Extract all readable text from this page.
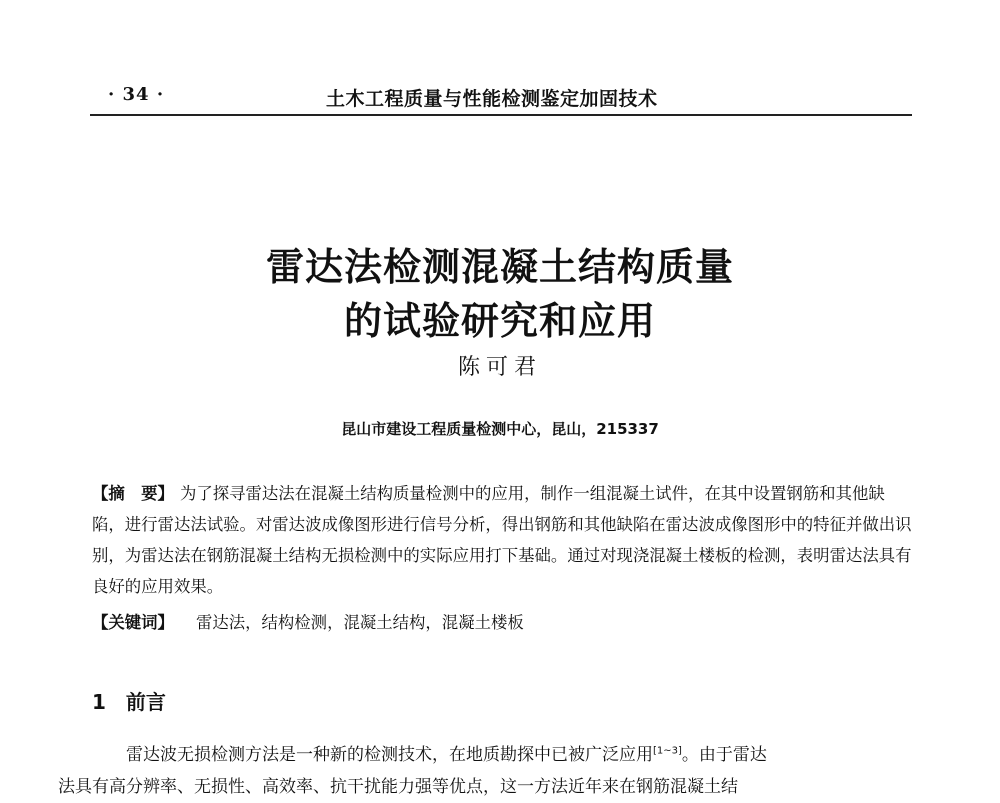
· 34 ·	土木工程质量与性能检测鉴定加固技术
雷达法检测混凝土结构质量
的试验研究和应用
陈可君
昆山市建设工程质量检测中心，昆山，215337
【摘　要】 为了探寻雷达法在混凝土结构质量检测中的应用，制作一组混凝土试件，在其中设置钢筋和其他缺陷，进行雷达法试验。对雷达波成像图形进行信号分析，得出钢筋和其他缺陷在雷达波成像图形中的特征并做出识别，为雷达法在钢筋混凝土结构无损检测中的实际应用打下基础。通过对现浇混凝土楼板的检测，表明雷达法具有良好的应用效果。
【关键词】 雷达法，结构检测，混凝土结构，混凝土楼板
1 前言
雷达波无损检测方法是一种新的检测技术，在地质勘探中已被广泛应用[1~3]。由于雷达
法具有高分辨率、无损性、高效率、抗干扰能力强等优点，这一方法近年来在钢筋混凝土结
